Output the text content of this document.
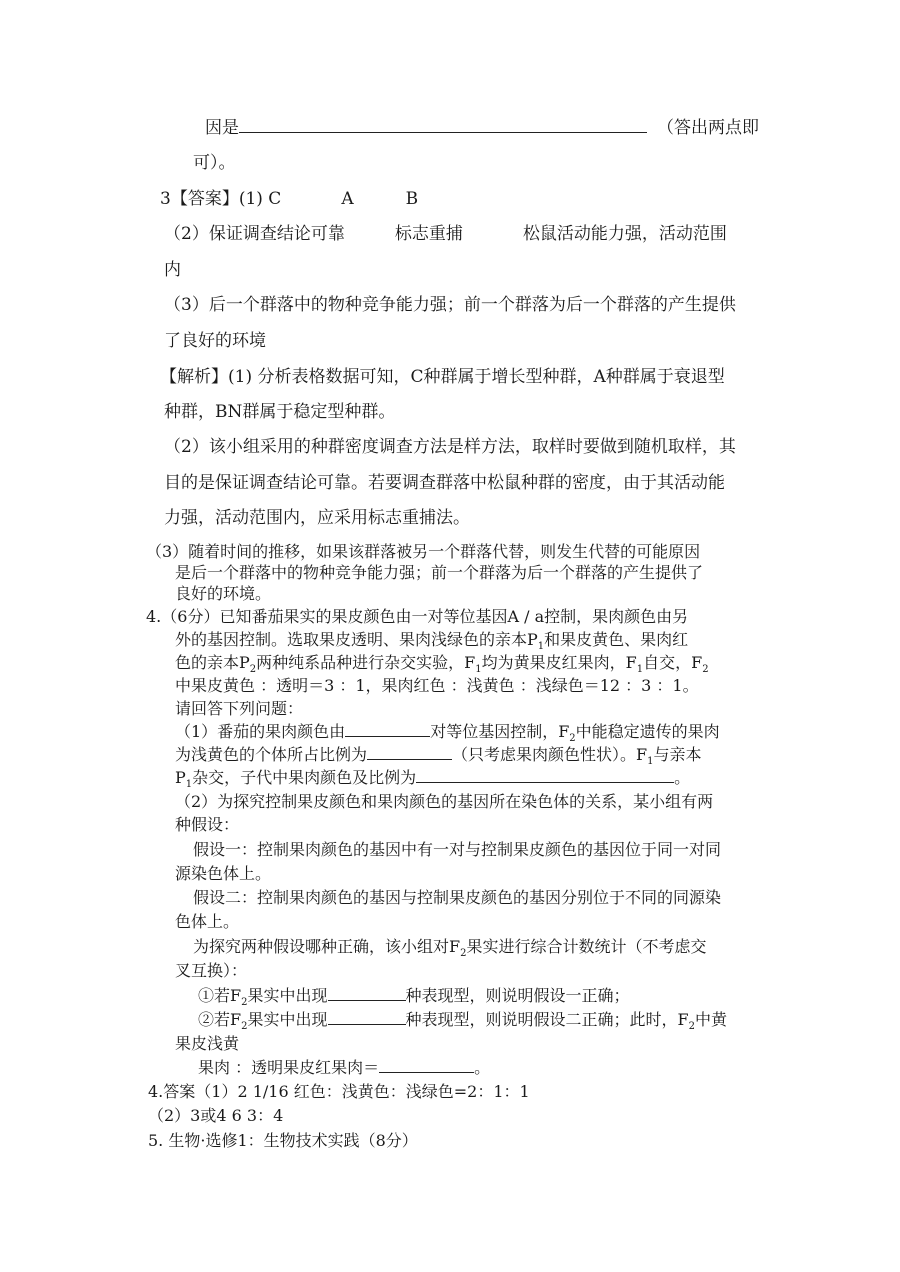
因是	（答出两点即
可）。
3【答案】(1) C	A	B
（2）保证调查结论可靠	标志重捕	松鼠活动能力强，活动范围
内
（3）后一个群落中的物种竞争能力强；前一个群落为后一个群落的产生提供
了良好的环境
【解析】(1) 分析表格数据可知，C种群属于增长型种群，A种群属于衰退型
种群，BN群属于稳定型种群。
（2）该小组采用的种群密度调查方法是样方法，取样时要做到随机取样，其
目的是保证调查结论可靠。若要调查群落中松鼠种群的密度，由于其活动能
力强，活动范围内，应采用标志重捕法。
（3）随着时间的推移，如果该群落被另一个群落代替，则发生代替的可能原因
是后一个群落中的物种竞争能力强；前一个群落为后一个群落的产生提供了
良好的环境。
4.（6分）已知番茄果实的果皮颜色由一对等位基因A / a控制，果肉颜色由另
外的基因控制。选取果皮透明、果肉浅绿色的亲本$P_1$和果皮黄色、果肉红
色的亲本$P_2$两种纯系品种进行杂交实验，$F_1$均为黄果皮红果肉，$F_1$自交，$F_2$
中果皮黄色 ：透明＝3 ：1，果肉红色 ：浅黄色 ：浅绿色＝12 ：3 ：1。
请回答下列问题：
（1）番茄的果肉颜色由	对等位基因控制，$F_2$中能稳定遗传的果肉
为浅黄色的个体所占比例为	（只考虑果肉颜色性状）。$F_1$与亲本
$P_1$杂交，子代中果肉颜色及比例为	。
（2）为探究控制果皮颜色和果肉颜色的基因所在染色体的关系，某小组有两
种假设：
假设一：控制果肉颜色的基因中有一对与控制果皮颜色的基因位于同一对同
源染色体上。
假设二：控制果肉颜色的基因与控制果皮颜色的基因分别位于不同的同源染
色体上。
为探究两种假设哪种正确，该小组对$F_2$果实进行综合计数统计（不考虑交
叉互换）：
①若$F_2$果实中出现	种表现型，则说明假设一正确；
②若$F_2$果实中出现	种表现型，则说明假设二正确；此时，$F_2$中黄
果皮浅黄
果肉 ：透明果皮红果肉＝	。
4.答案（1）2 1/16 红色：浅黄色：浅绿色=2：1：1
（2）3或4 6 3：4
5. 生物·选修1：生物技术实践（8分）
